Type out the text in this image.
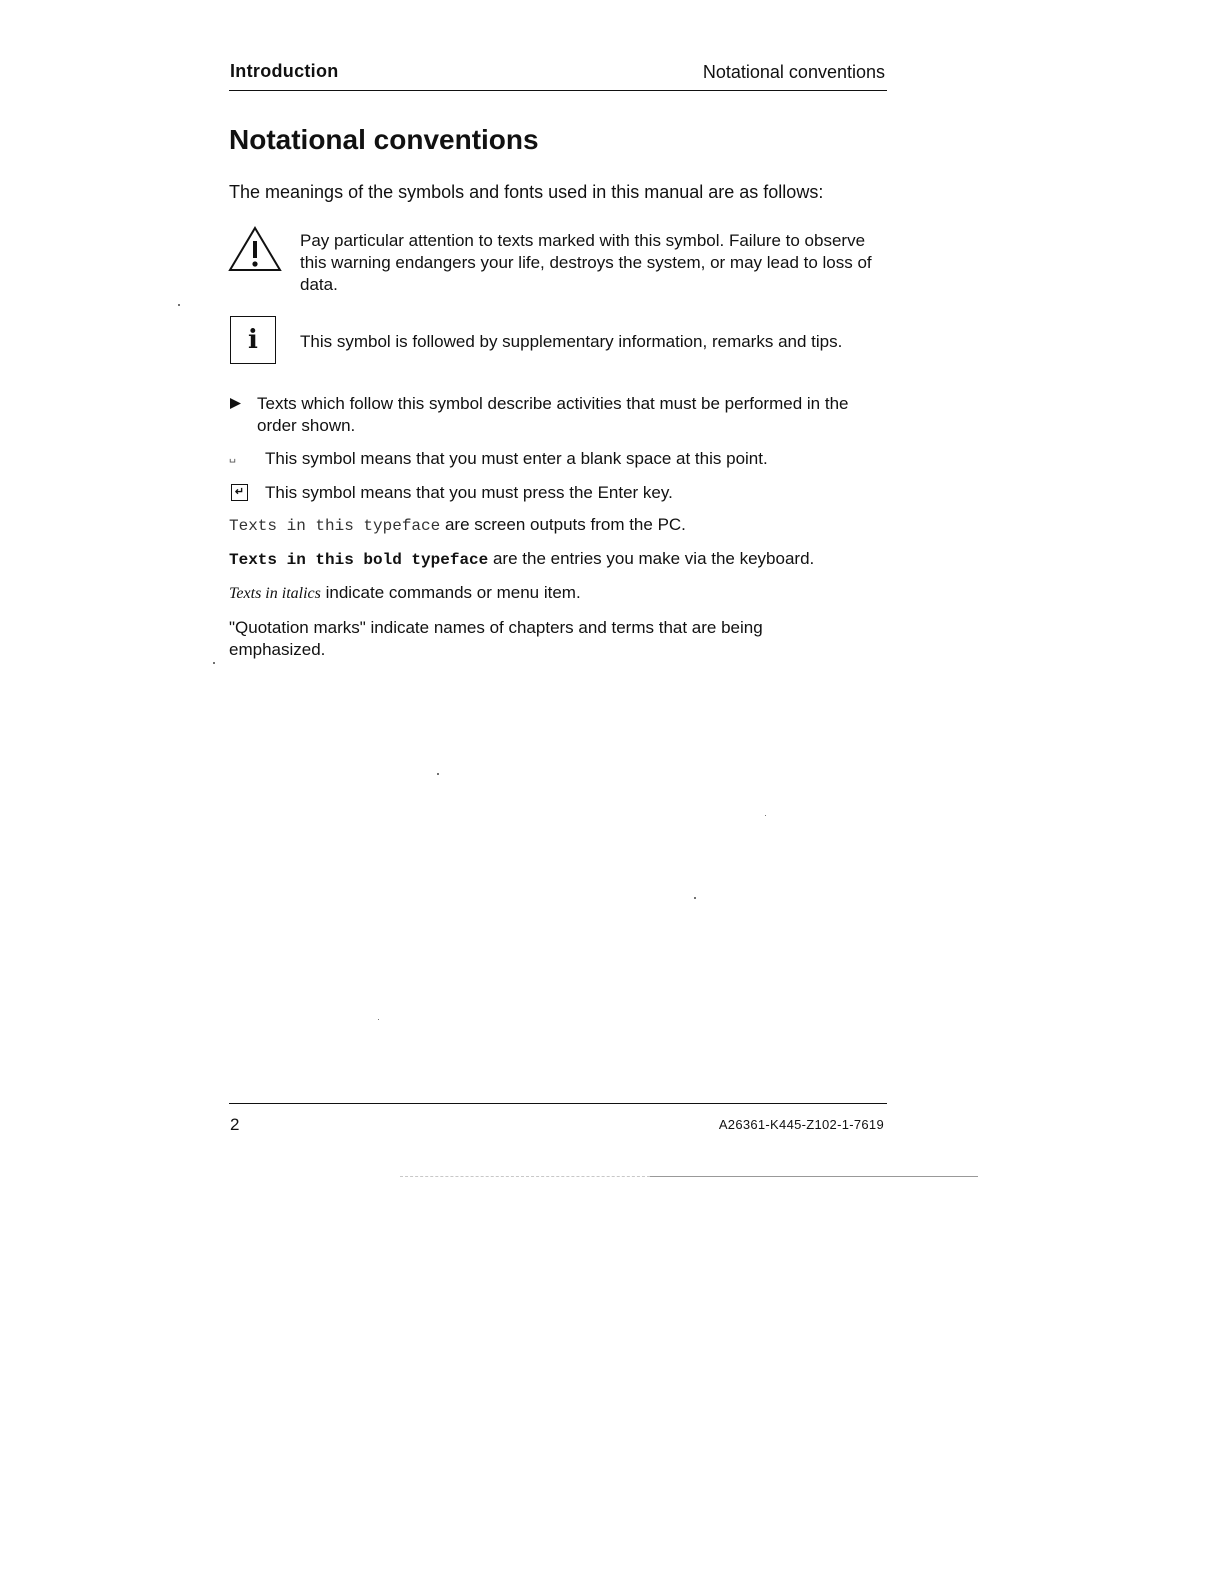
Introduction	Notational conventions
Notational conventions
The meanings of the symbols and fonts used in this manual are as follows:
Pay particular attention to texts marked with this symbol. Failure to observe this warning endangers your life, destroys the system, or may lead to loss of data.
i	This symbol is followed by supplementary information, remarks and tips.
Texts which follow this symbol describe activities that must be performed in the order shown.
␣ This symbol means that you must enter a blank space at this point.
↵ This symbol means that you must press the Enter key.
Texts in this typeface are screen outputs from the PC.
Texts in this bold typeface are the entries you make via the keyboard.
Texts in italics indicate commands or menu item.
"Quotation marks" indicate names of chapters and terms that are being emphasized.
2	A26361-K445-Z102-1-7619
